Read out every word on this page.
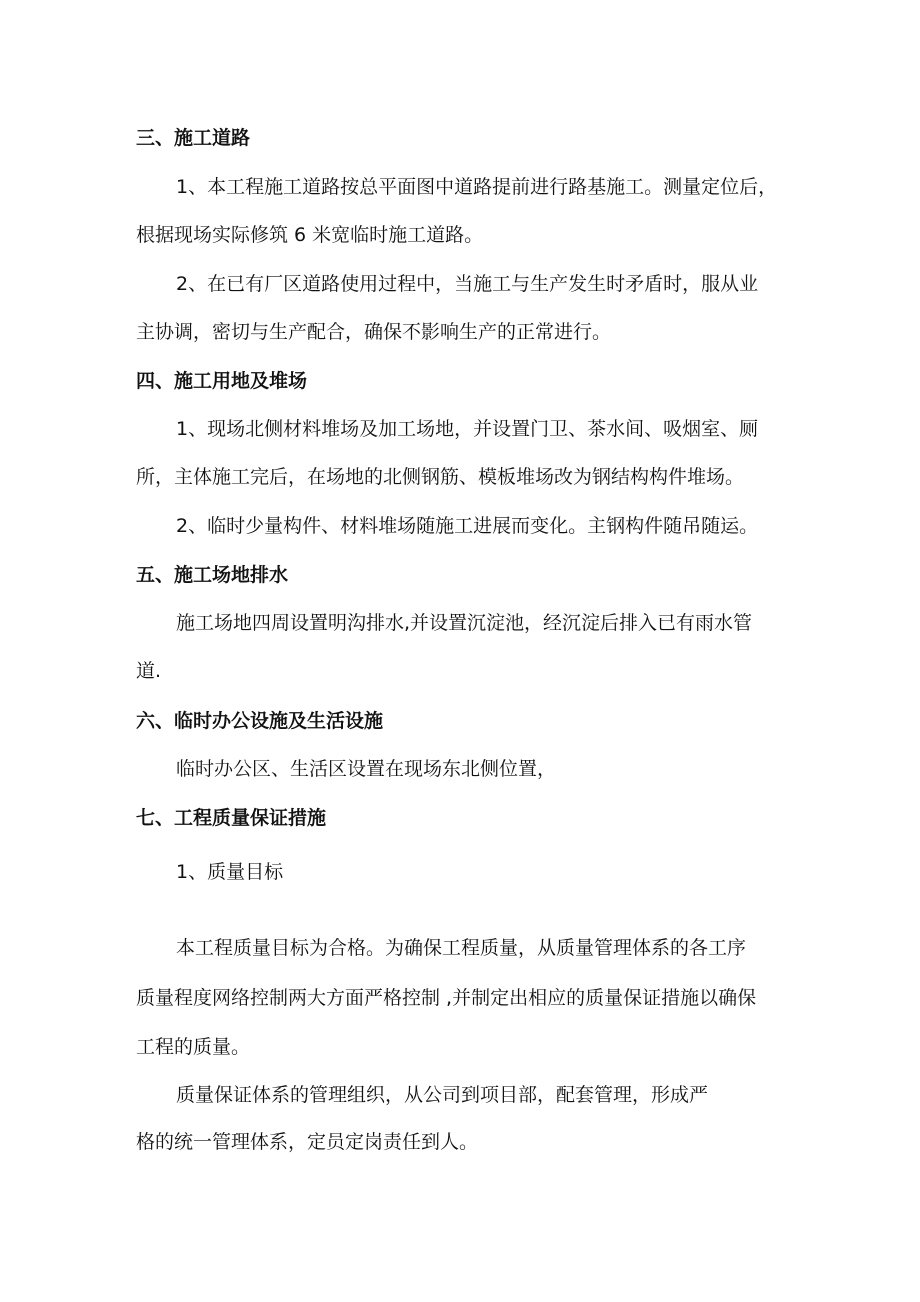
三、施工道路
1、本工程施工道路按总平面图中道路提前进行路基施工。测量定位后，
根据现场实际修筑 6 米宽临时施工道路。
2、在已有厂区道路使用过程中，当施工与生产发生时矛盾时，服从业
主协调，密切与生产配合，确保不影响生产的正常进行。
四、施工用地及堆场
1、现场北侧材料堆场及加工场地，并设置门卫、茶水间、吸烟室、厕
所，主体施工完后，在场地的北侧钢筋、模板堆场改为钢结构构件堆场。
2、临时少量构件、材料堆场随施工进展而变化。主钢构件随吊随运。
五、施工场地排水
施工场地四周设置明沟排水,并设置沉淀池，经沉淀后排入已有雨水管
道.
六、临时办公设施及生活设施
临时办公区、生活区设置在现场东北侧位置，
七、工程质量保证措施
1、质量目标
本工程质量目标为合格。为确保工程质量，从质量管理体系的各工序
质量程度网络控制两大方面严格控制 ,并制定出相应的质量保证措施以确保
工程的质量。
质量保证体系的管理组织，从公司到项目部，配套管理，形成严
格的统一管理体系，定员定岗责任到人。
